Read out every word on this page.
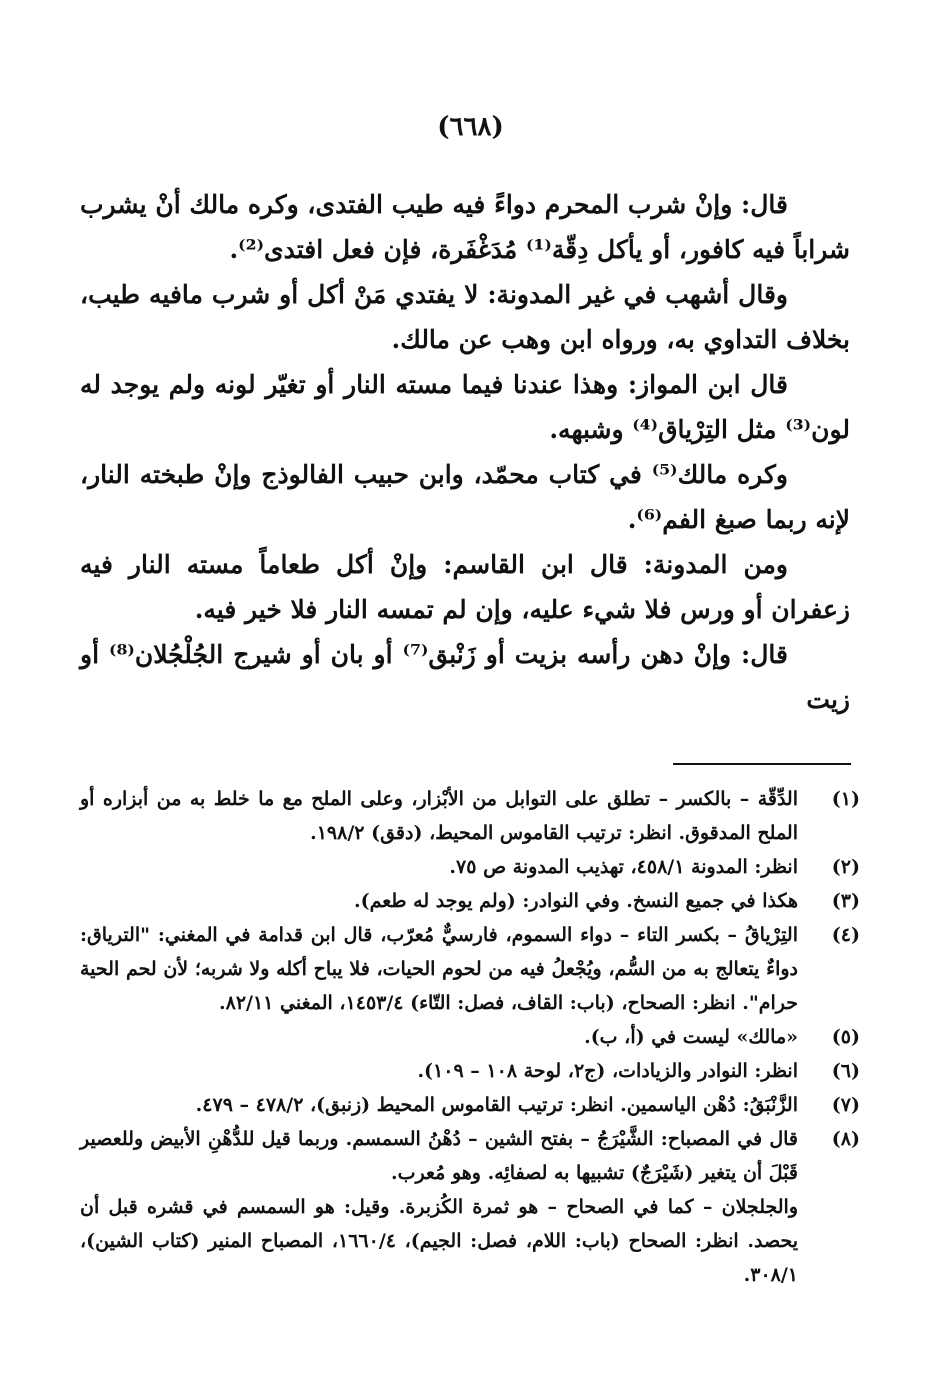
(٦٦٨)

قال: وإنْ شرب المحرم دواءً فيه طيب الفتدى، وكره مالك أنْ يشرب شراباً فيه كافور، أو يأكل دِقّة⁽¹⁾ مُدَغْفَرة، فإن فعل افتدى⁽²⁾.

وقال أشهب في غير المدونة: لا يفتدي مَنْ أكل أو شرب مافيه طيب، بخلاف التداوي به، ورواه ابن وهب عن مالك.

قال ابن المواز: وهذا عندنا فيما مسته النار أو تغيّر لونه ولم يوجد له لون⁽³⁾ مثل التِرْياق⁽⁴⁾ وشبهه.

وكره مالك⁽⁵⁾ في كتاب محمّد، وابن حبيب الفالوذج وإنْ طبخته النار، لإنه ربما صبغ الفم⁽⁶⁾.

ومن المدونة: قال ابن القاسم: وإنْ أكل طعاماً مسته النار فيه زعفران أو ورس فلا شيء عليه، وإن لم تمسه النار فلا خير فيه.

قال: وإنْ دهن رأسه بزيت أو زَنْبق⁽⁷⁾ أو بان أو شيرج الجُلْجُلان⁽⁸⁾ أو زيت

(١)
الدِّقّة – بالكسر – تطلق على التوابل من الأبْزار، وعلى الملح مع ما خلط به من أبزاره أو الملح المدقوق. انظر: ترتيب القاموس المحيط، (دقق) ١٩٨/٢.
(٢)
انظر: المدونة ٤٥٨/١، تهذيب المدونة ص ٧٥.
(٣)
هكذا في جميع النسخ. وفي النوادر: (ولم يوجد له طعم).
(٤)
التِرْياقُ – بكسر التاء – دواء السموم، فارسيٌّ مُعرّب، قال ابن قدامة في المغني: "الترياق: دواءٌ يتعالج به من السُّم، ويُجْعلُ فيه من لحوم الحيات، فلا يباح أكله ولا شربه؛ لأن لحم الحية حرام". انظر: الصحاح، (باب: القاف، فصل: التّاء) ١٤٥٣/٤، المغني ٨٢/١١.
(٥)
«مالك» ليست في (أ، ب).
(٦)
انظر: النوادر والزيادات، (ج٢، لوحة ١٠٨ – ١٠٩).
(٧)
الزَّنْبَقُ: دُهْن الياسمين. انظر: ترتيب القاموس المحيط (زنبق)، ٤٧٨/٢ – ٤٧٩.
(٨)
قال في المصباح: الشَّيْرَجُ – بفتح الشين – دُهْنُ السمسم. وربما قيل للدُّهْنِ الأبيض وللعصير قَبْلَ أن يتغير (شَيْرَجٌ) تشبيها به لصفائِه. وهو مُعرب.
والجلجلان – كما في الصحاح – هو ثمرة الكُزبرة. وقيل: هو السمسم في قشره قبل أن يحصد. انظر: الصحاح (باب: اللام، فصل: الجيم)، ١٦٦٠/٤، المصباح المنير (كتاب الشين)، ٣٠٨/١.
